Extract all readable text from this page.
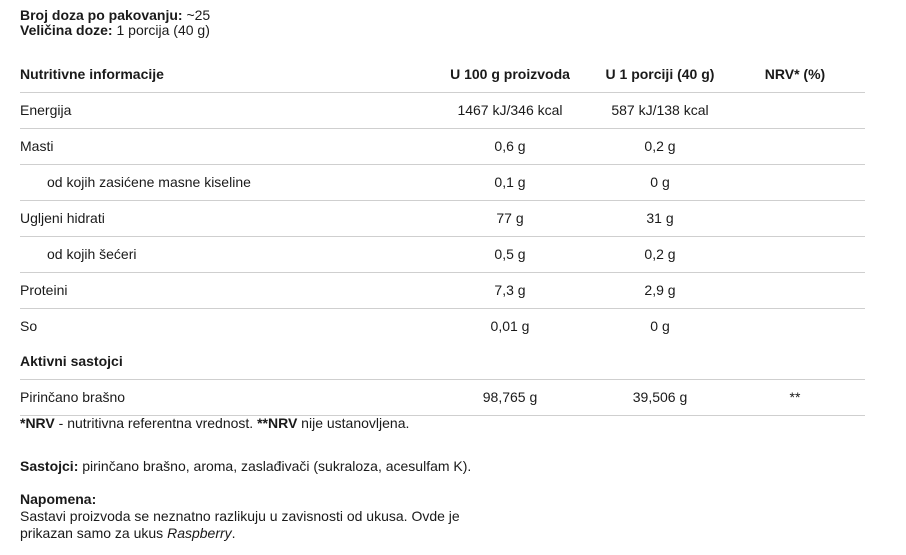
Broj doza po pakovanju: ~25
Veličina doze: 1 porcija (40 g)
Nutritivne informacije	U 100 g proizvoda	U 1 porciji (40 g)	NRV* (%)
Energija	1467 kJ/346 kcal	587 kJ/138 kcal
Masti	0,6 g	0,2 g
od kojih zasićene masne kiseline	0,1 g	0 g
Ugljeni hidrati	77 g	31 g
od kojih šećeri	0,5 g	0,2 g
Proteini	7,3 g	2,9 g
So	0,01 g	0 g
Aktivni sastojci
Pirinčano brašno	98,765 g	39,506 g	**
*NRV - nutritivna referentna vrednost. **NRV nije ustanovljena.
Sastojci: pirinčano brašno, aroma, zaslađivači (sukraloza, acesulfam K).
Napomena:
Sastavi proizvoda se neznatno razlikuju u zavisnosti od ukusa. Ovde je prikazan samo za ukus Raspberry.
